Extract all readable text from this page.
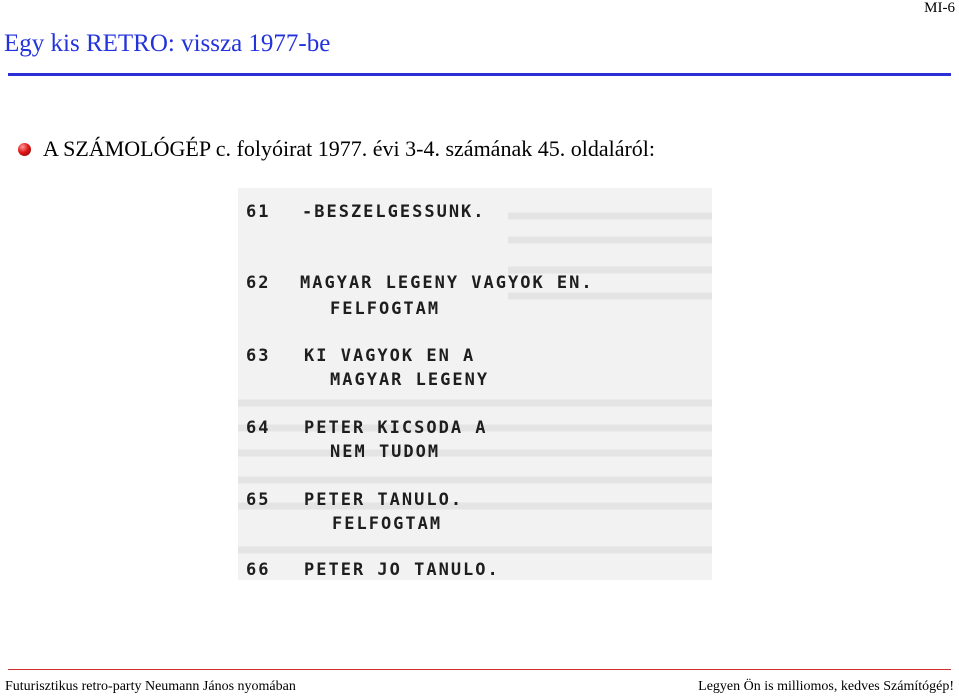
MI-6
Egy kis RETRO: vissza 1977-be
A SZÁMOLÓGÉP c. folyóirat 1977. évi 3-4. számának 45. oldaláról:
61 -BESZELGESSUNK.
62 MAGYAR LEGENY VAGYOK EN.
FELFOGTAM
63 KI VAGYOK EN A
MAGYAR LEGENY
64 PETER KICSODA A
NEM TUDOM
65 PETER TANULO.
FELFOGTAM
66 PETER JO TANULO.
Futurisztikus retro-party Neumann János nyomában	Legyen Ön is milliomos, kedves Számítógép!
